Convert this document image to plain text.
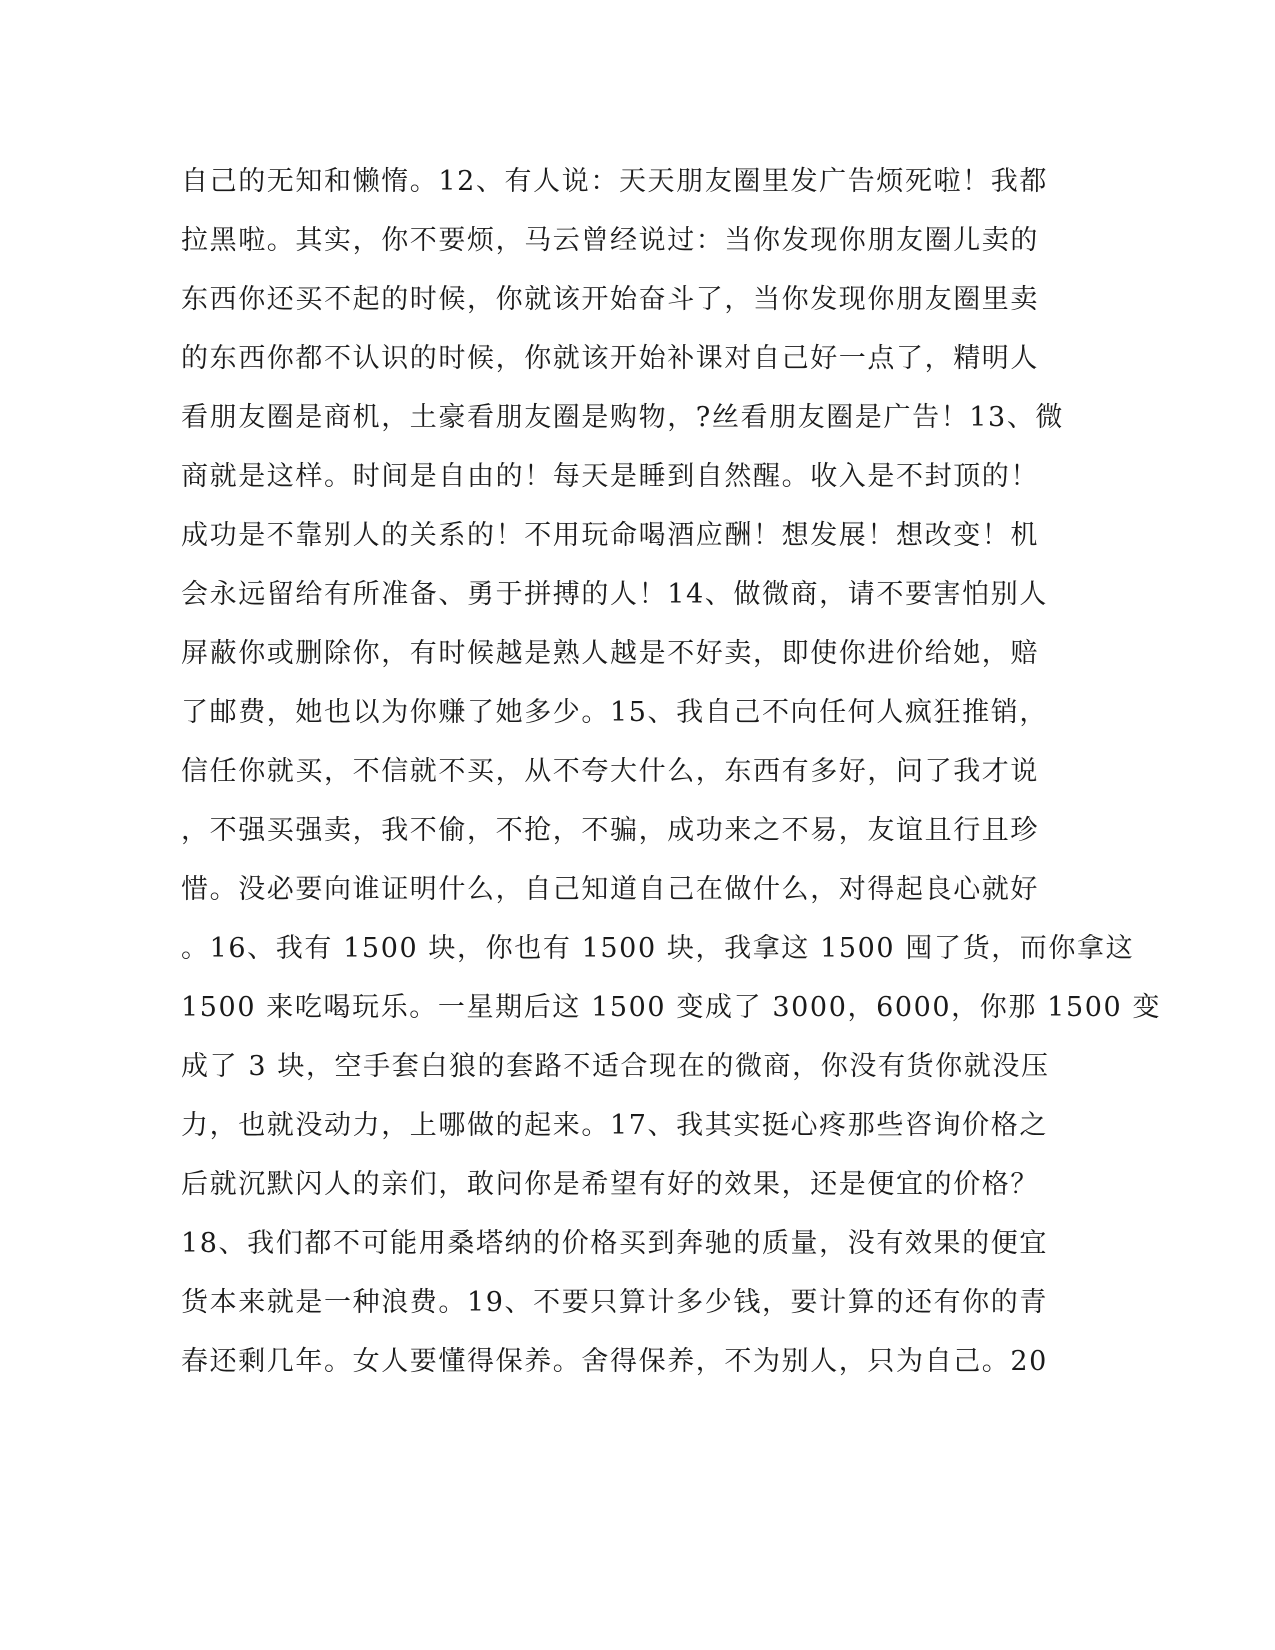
自己的无知和懒惰。12、有人说：天天朋友圈里发广告烦死啦！我都
拉黑啦。其实，你不要烦，马云曾经说过：当你发现你朋友圈儿卖的
东西你还买不起的时候，你就该开始奋斗了，当你发现你朋友圈里卖
的东西你都不认识的时候，你就该开始补课对自己好一点了，精明人
看朋友圈是商机，土豪看朋友圈是购物，?丝看朋友圈是广告！13、微
商就是这样。时间是自由的！每天是睡到自然醒。收入是不封顶的！
成功是不靠别人的关系的！不用玩命喝酒应酬！想发展！想改变！机
会永远留给有所准备、勇于拼搏的人！14、做微商，请不要害怕别人
屏蔽你或删除你，有时候越是熟人越是不好卖，即使你进价给她，赔
了邮费，她也以为你赚了她多少。15、我自己不向任何人疯狂推销，
信任你就买，不信就不买，从不夸大什么，东西有多好，问了我才说
，不强买强卖，我不偷，不抢，不骗，成功来之不易，友谊且行且珍
惜。没必要向谁证明什么，自己知道自己在做什么，对得起良心就好
。16、我有 1500 块，你也有 1500 块，我拿这 1500 囤了货，而你拿这
1500 来吃喝玩乐。一星期后这 1500 变成了 3000，6000，你那 1500 变
成了 3 块，空手套白狼的套路不适合现在的微商，你没有货你就没压
力，也就没动力，上哪做的起来。17、我其实挺心疼那些咨询价格之
后就沉默闪人的亲们，敢问你是希望有好的效果，还是便宜的价格？
18、我们都不可能用桑塔纳的价格买到奔驰的质量，没有效果的便宜
货本来就是一种浪费。19、不要只算计多少钱，要计算的还有你的青
春还剩几年。女人要懂得保养。舍得保养，不为别人，只为自己。20
